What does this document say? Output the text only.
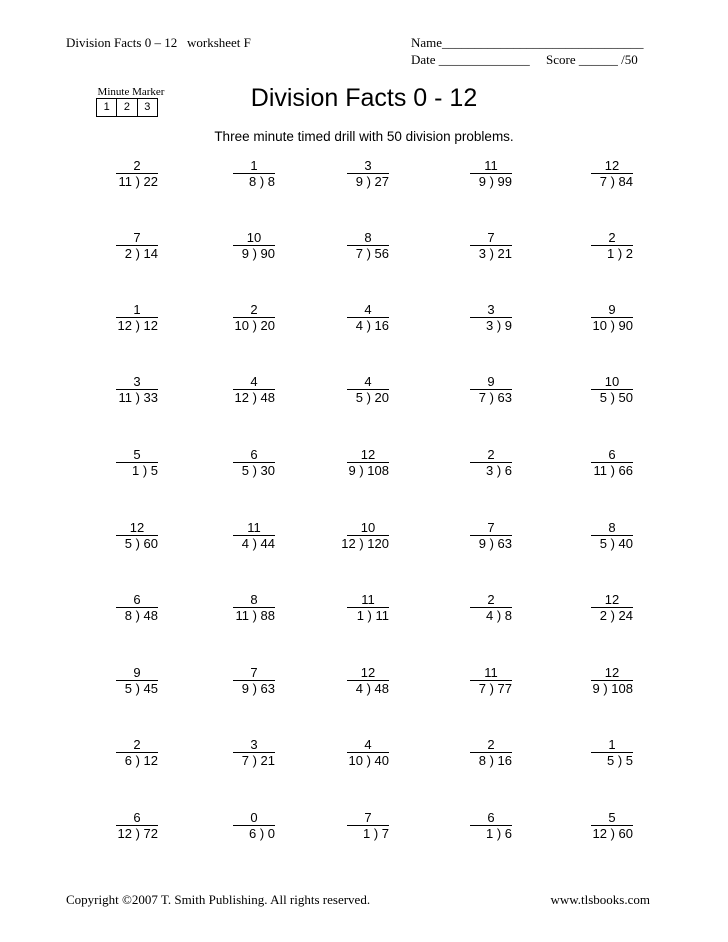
Division Facts 0 – 12   worksheet F	Name_______________________________
Date ______________     Score ______ /50
Minute Marker
1	2	3	Division Facts 0 - 12
Three minute timed drill with 50 division problems.
2
11 ) 22
1
8 ) 8
3
9 ) 27
11
9 ) 99
12
7 ) 84
7
2 ) 14
10
9 ) 90
8
7 ) 56
7
3 ) 21
2
1 ) 2
1
12 ) 12
2
10 ) 20
4
4 ) 16
3
3 ) 9
9
10 ) 90
3
11 ) 33
4
12 ) 48
4
5 ) 20
9
7 ) 63
10
5 ) 50
5
1 ) 5
6
5 ) 30
12
9 ) 108
2
3 ) 6
6
11 ) 66
12
5 ) 60
11
4 ) 44
10
12 ) 120
7
9 ) 63
8
5 ) 40
6
8 ) 48
8
11 ) 88
11
1 ) 11
2
4 ) 8
12
2 ) 24
9
5 ) 45
7
9 ) 63
12
4 ) 48
11
7 ) 77
12
9 ) 108
2
6 ) 12
3
7 ) 21
4
10 ) 40
2
8 ) 16
1
5 ) 5
6
12 ) 72
0
6 ) 0
7
1 ) 7
6
1 ) 6
5
12 ) 60
Copyright ©2007 T. Smith Publishing. All rights reserved.	www.tlsbooks.com
